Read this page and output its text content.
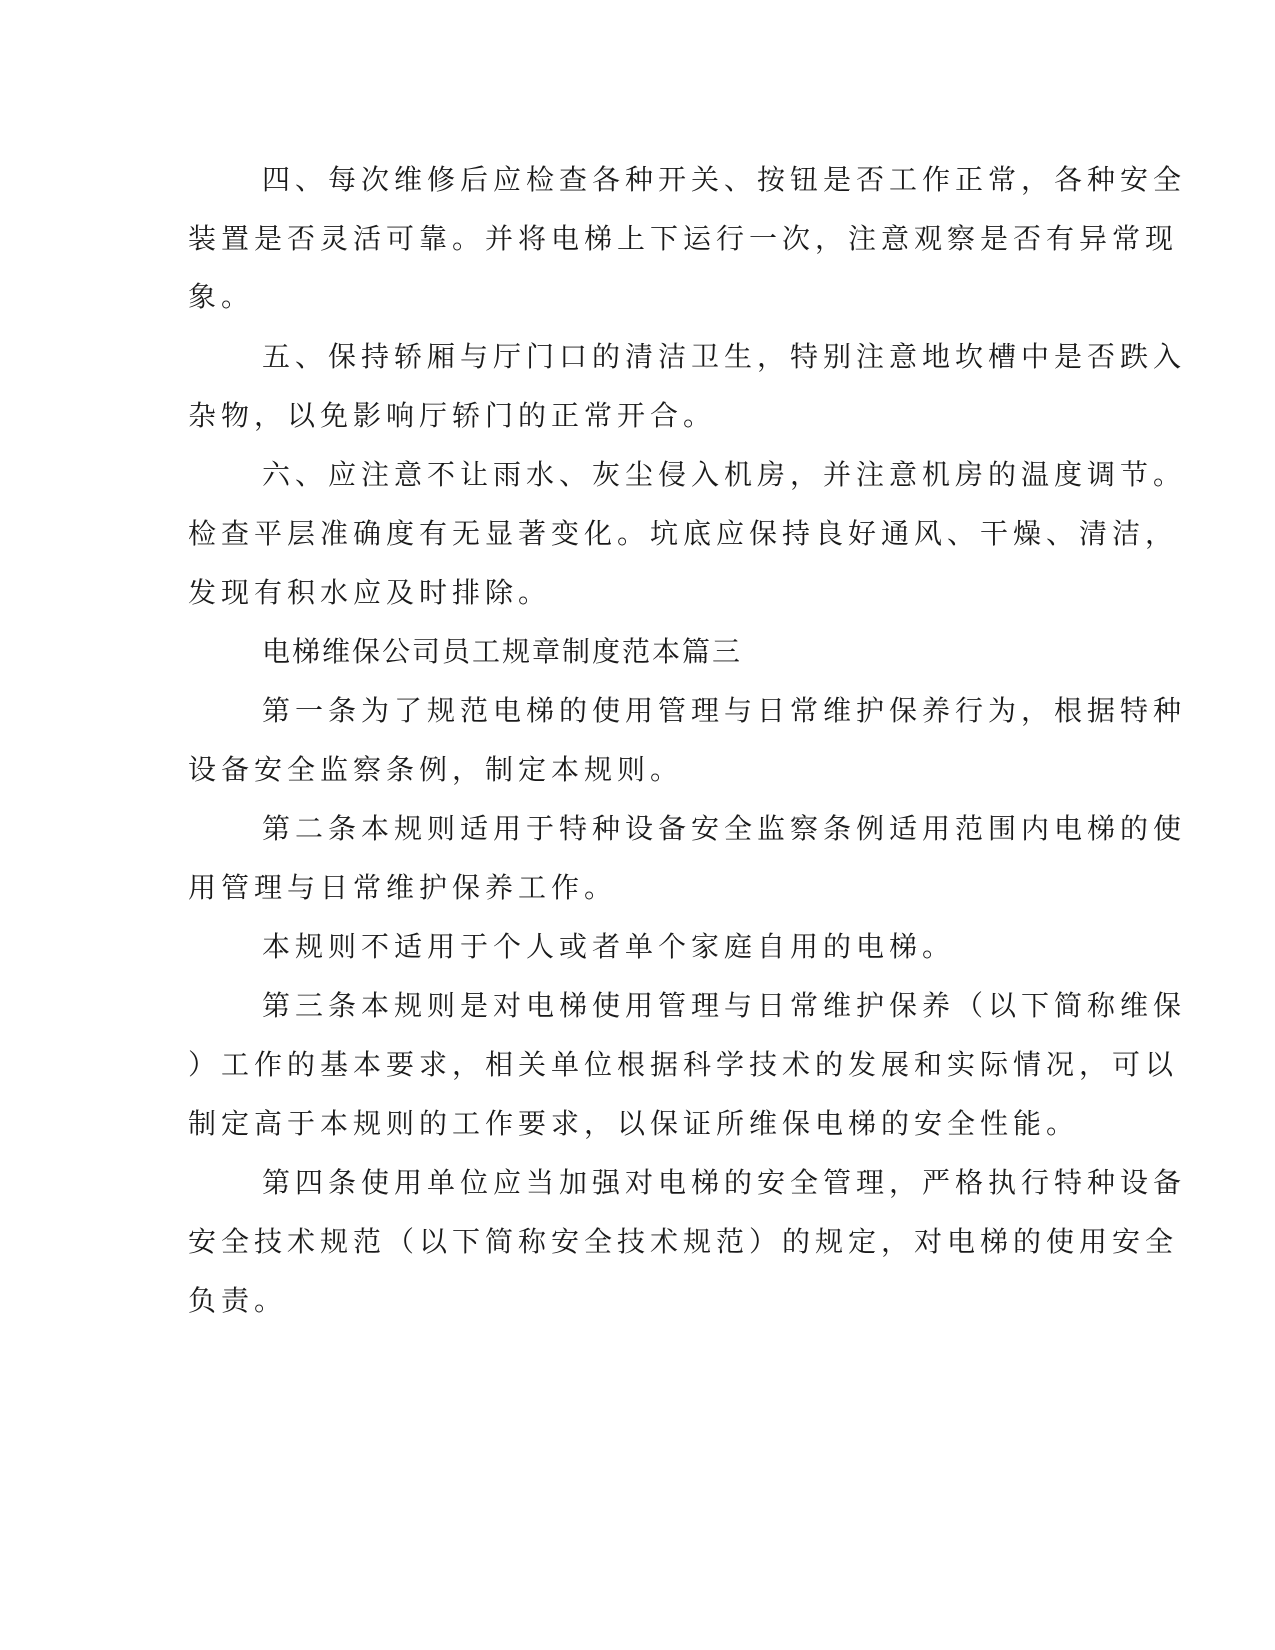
四、每次维修后应检查各种开关、按钮是否工作正常，各种安全
装置是否灵活可靠。并将电梯上下运行一次，注意观察是否有异常现
象。
五、保持轿厢与厅门口的清洁卫生，特别注意地坎槽中是否跌入
杂物，以免影响厅轿门的正常开合。
六、应注意不让雨水、灰尘侵入机房，并注意机房的温度调节。
检查平层准确度有无显著变化。坑底应保持良好通风、干燥、清洁，
发现有积水应及时排除。
电梯维保公司员工规章制度范本篇三
第一条为了规范电梯的使用管理与日常维护保养行为，根据特种
设备安全监察条例，制定本规则。
第二条本规则适用于特种设备安全监察条例适用范围内电梯的使
用管理与日常维护保养工作。
本规则不适用于个人或者单个家庭自用的电梯。
第三条本规则是对电梯使用管理与日常维护保养（以下简称维保
）工作的基本要求，相关单位根据科学技术的发展和实际情况，可以
制定高于本规则的工作要求，以保证所维保电梯的安全性能。
第四条使用单位应当加强对电梯的安全管理，严格执行特种设备
安全技术规范（以下简称安全技术规范）的规定，对电梯的使用安全
负责。
